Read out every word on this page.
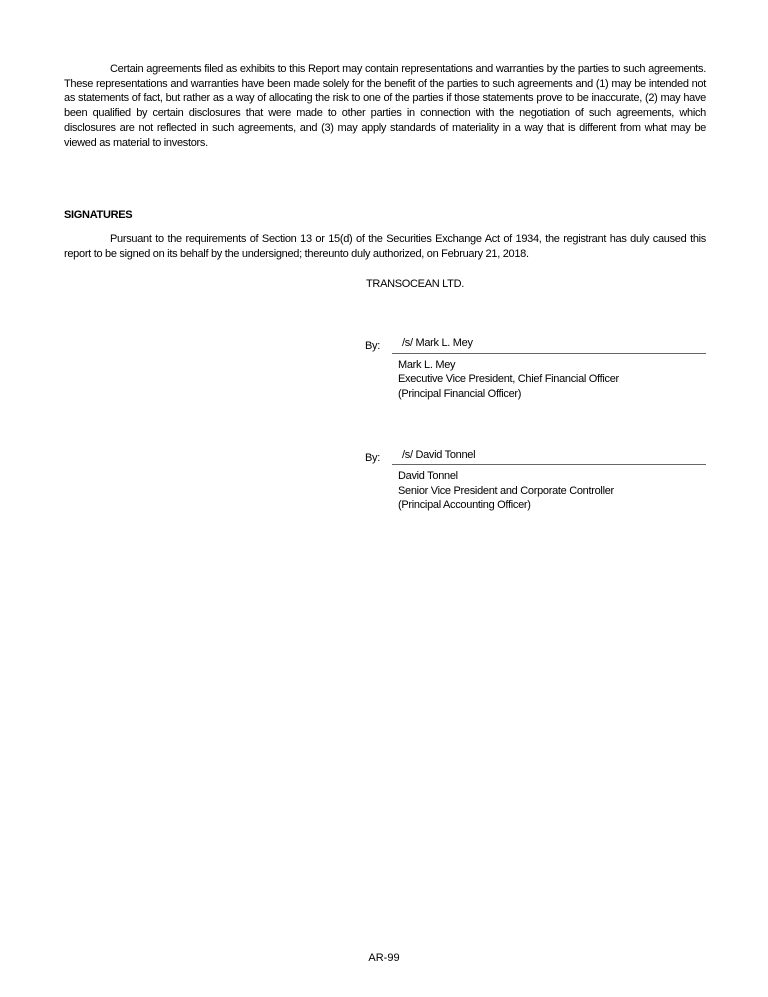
Certain agreements filed as exhibits to this Report may contain representations and warranties by the parties to such agreements. These representations and warranties have been made solely for the benefit of the parties to such agreements and (1) may be intended not as statements of fact, but rather as a way of allocating the risk to one of the parties if those statements prove to be inaccurate, (2) may have been qualified by certain disclosures that were made to other parties in connection with the negotiation of such agreements, which disclosures are not reflected in such agreements, and (3) may apply standards of materiality in a way that is different from what may be viewed as material to investors.

SIGNATURES

Pursuant to the requirements of Section 13 or 15(d) of the Securities Exchange Act of 1934, the registrant has duly caused this report to be signed on its behalf by the undersigned; thereunto duly authorized, on February 21, 2018.

TRANSOCEAN LTD.
By:	/s/ Mark L. Mey
Mark L. Mey
Executive Vice President, Chief Financial Officer
(Principal Financial Officer)
By:	/s/ David Tonnel
David Tonnel
Senior Vice President and Corporate Controller
(Principal Accounting Officer)
AR-99
